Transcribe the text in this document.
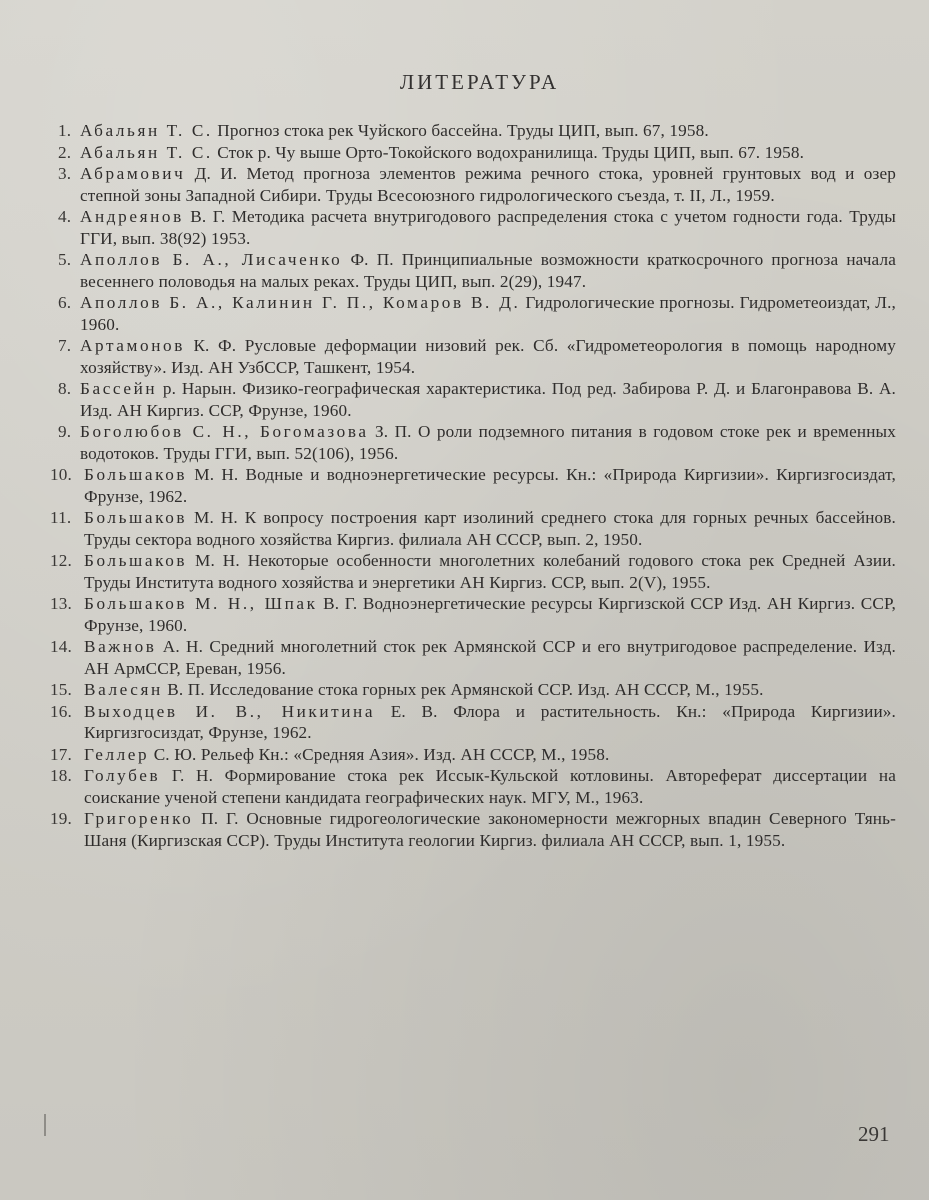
ЛИТЕРАТУРА
1. Абальян Т. С. Прогноз стока рек Чуйского бассейна. Труды ЦИП, вып. 67, 1958.
2. Абальян Т. С. Сток р. Чу выше Орто-Токойского водохранилища. Труды ЦИП, вып. 67. 1958.
3. Абрамович Д. И. Метод прогноза элементов режима речного стока, уровней грунтовых вод и озер степной зоны Западной Сибири. Труды Всесоюзного гидрологического съезда, т. II, Л., 1959.
4. Андреянов В. Г. Методика расчета внутригодового распределения стока с учетом годности года. Труды ГГИ, вып. 38(92) 1953.
5. Аполлов Б. А., Лисаченко Ф. П. Принципиальные возможности краткосрочного прогноза начала весеннего половодья на малых реках. Труды ЦИП, вып. 2(29), 1947.
6. Аполлов Б. А., Калинин Г. П., Комаров В. Д. Гидрологические прогнозы. Гидрометеоиздат, Л., 1960.
7. Артамонов К. Ф. Русловые деформации низовий рек. Сб. «Гидрометеорология в помощь народному хозяйству». Изд. АН УзбССР, Ташкент, 1954.
8. Бассейн р. Нарын. Физико-географическая характеристика. Под ред. Забирова Р. Д. и Благонравова В. А. Изд. АН Киргиз. ССР, Фрунзе, 1960.
9. Боголюбов С. Н., Богомазова З. П. О роли подземного питания в годовом стоке рек и временных водотоков. Труды ГГИ, вып. 52(106), 1956.
10. Большаков М. Н. Водные и водноэнергетические ресурсы. Кн.: «Природа Киргизии». Киргизгосиздат, Фрунзе, 1962.
11. Большаков М. Н. К вопросу построения карт изолиний среднего стока для горных речных бассейнов. Труды сектора водного хозяйства Киргиз. филиала АН СССР, вып. 2, 1950.
12. Большаков М. Н. Некоторые особенности многолетних колебаний годового стока рек Средней Азии. Труды Института водного хозяйства и энергетики АН Киргиз. ССР, вып. 2(V), 1955.
13. Большаков М. Н., Шпак В. Г. Водноэнергетические ресурсы Киргизской ССР Изд. АН Киргиз. ССР, Фрунзе, 1960.
14. Важнов А. Н. Средний многолетний сток рек Армянской ССР и его внутригодовое распределение. Изд. АН АрмССР, Ереван, 1956.
15. Валесян В. П. Исследование стока горных рек Армянской ССР. Изд. АН СССР, М., 1955.
16. Выходцев И. В., Никитина Е. В. Флора и растительность. Кн.: «Природа Киргизии». Киргизгосиздат, Фрунзе, 1962.
17. Геллер С. Ю. Рельеф Кн.: «Средняя Азия». Изд. АН СССР, М., 1958.
18. Голубев Г. Н. Формирование стока рек Иссык-Кульской котловины. Автореферат диссертации на соискание ученой степени кандидата географических наук. МГУ, М., 1963.
19. Григоренко П. Г. Основные гидрогеологические закономерности межгорных впадин Северного Тянь-Шаня (Киргизская ССР). Труды Института геологии Киргиз. филиала АН СССР, вып. 1, 1955.
291
